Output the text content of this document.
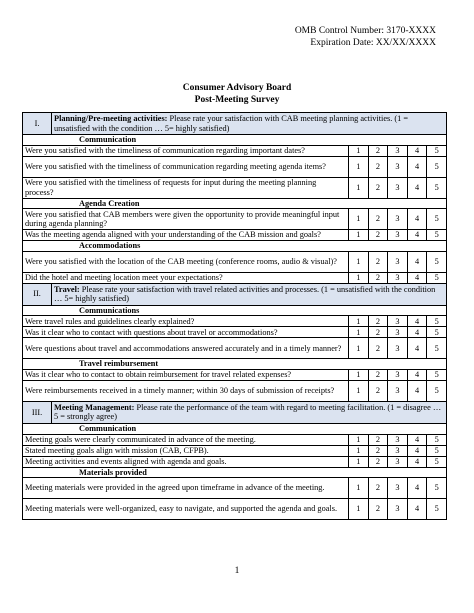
OMB Control Number: 3170-XXXX
Expiration Date: XX/XX/XXXX
Consumer Advisory Board
Post-Meeting Survey
I.	Planning/Pre-meeting activities: Please rate your satisfaction with CAB meeting planning activities. (1 = unsatisfied with the condition … 5= highly satisfied)					
Communication						
Were you satisfied with the timeliness of communication regarding important dates?		1	2	3	4	5
Were you satisfied with the timeliness of communication regarding meeting agenda items?		1	2	3	4	5
Were you satisfied with the timeliness of requests for input during the meeting planning process?		1	2	3	4	5
Agenda Creation						
Were you satisfied that CAB members were given the opportunity to provide meaningful input during agenda planning?		1	2	3	4	5
Was the meeting agenda aligned with your understanding of the CAB mission and goals?		1	2	3	4	5
Accommodations						
Were you satisfied with the location of the CAB meeting (conference rooms, audio & visual)?		1	2	3	4	5
Did the hotel and meeting location meet your expectations?		1	2	3	4	5
II.	Travel: Please rate your satisfaction with travel related activities and processes. (1 = unsatisfied with the condition … 5= highly satisfied)					
Communications						
Were travel rules and guidelines clearly explained?		1	2	3	4	5
Was it clear who to contact with questions about travel or accommodations?		1	2	3	4	5
Were questions about travel and accommodations answered accurately and in a timely manner?		1	2	3	4	5
Travel reimbursement						
Was it clear who to contact to obtain reimbursement for travel related expenses?		1	2	3	4	5
Were reimbursements received in a timely manner; within 30 days of submission of receipts?		1	2	3	4	5
III.	Meeting Management: Please rate the performance of the team with regard to meeting facilitation. (1 = disagree … 5 = strongly agree)					
Communication						
Meeting goals were clearly communicated in advance of the meeting.		1	2	3	4	5
Stated meeting goals align with mission (CAB, CFPB).		1	2	3	4	5
Meeting activities and events aligned with agenda and goals.		1	2	3	4	5
Materials provided						
Meeting materials were provided in the agreed upon timeframe in advance of the meeting.		1	2	3	4	5
Meeting materials were well-organized, easy to navigate, and supported the agenda and goals.		1	2	3	4	5
1
